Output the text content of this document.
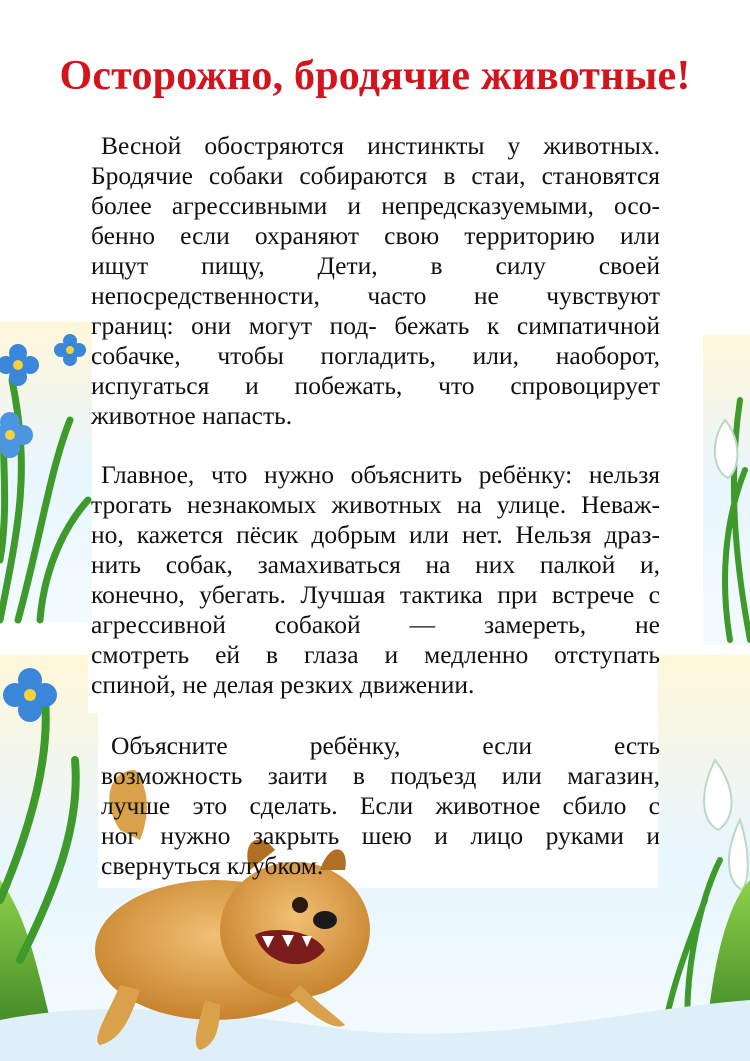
Осторожно, бродячие животные!
Весной обостряются инстинкты у животных.
Бродячие собаки собираются в стаи, становятся
более агрессивными и непредсказуемыми, осо-
бенно если охраняют свою территорию или
ищут пищу, Дети, в силу своей
непосредственности, часто не чувствуют
границ: они могут под- бежать к симпатичной
собачке, чтобы погладить, или, наоборот,
испугаться и побежать, что спровоцирует
животное напасть.
Главное, что нужно объяснить ребёнку: нельзя
трогать незнакомых животных на улице. Неваж-
но, кажется пёсик добрым или нет. Нельзя драз-
нить собак, замахиваться на них палкой и,
конечно, убегать. Лучшая тактика при встрече с
агрессивной собакой — замереть, не
смотреть ей в глаза и медленно отступать
спиной, не делая резких движении.
Объясните ребёнку, если есть
возможность заити в подъезд или магазин,
лучше это сделать. Если животное сбило с
ног нужно закрыть шею и лицо руками и
свернуться клубком.
